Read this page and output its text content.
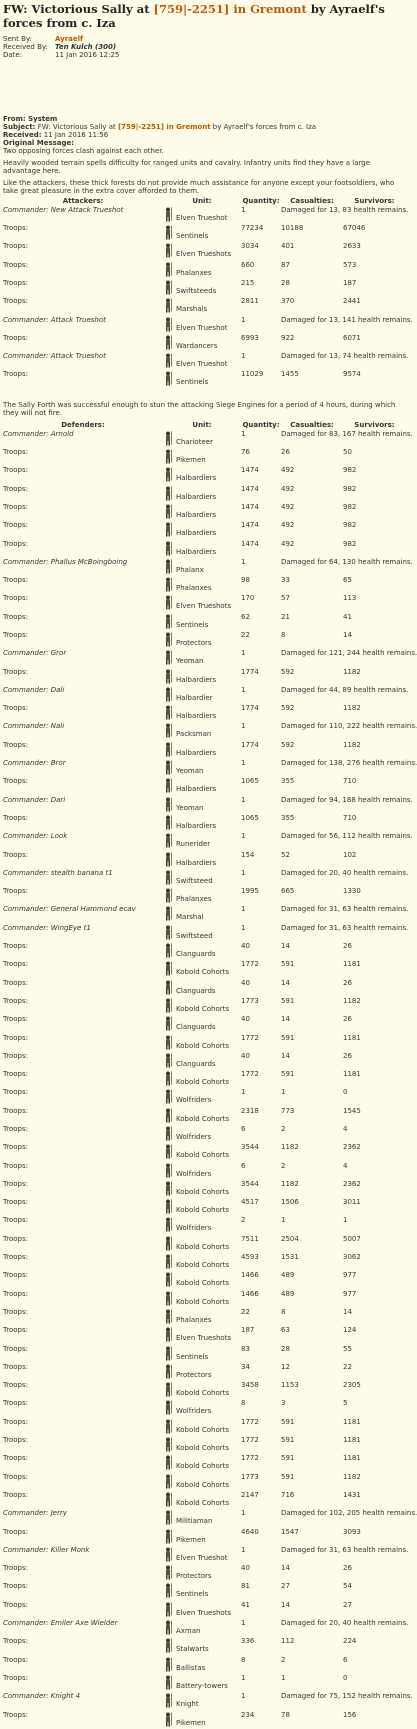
FW: Victorious Sally at [759|-2251] in Gremont by Ayraelf's forces from c. Iza
Sent By:	Ayraelf
Received By:	Ten Kulch (300)
Date:	11 Jan 2016 12:25

From: System

Subject: FW: Victorious Sally at [759|-2251] in Gremont by Ayraelf's forces from c. Iza

Received: 11 Jan 2016 11:56

Original Message:

Two opposing forces clash against each other.

Heavily wooded terrain spells difficulty for ranged units and cavalry. Infantry units find they have a large advantage here.

Like the attackers, these thick forests do not provide much assistance for anyone except your footsoldiers, who take great pleasure in the extra cover afforded to them.

Attackers:	Unit:	Quantity:	Casualties:	Survivors:
Commander: New Attack Trueshot	Elven Trueshot	1	Damaged for 13, 83 health remains.	
Troops:	Sentinels	77234	10188	67046
Troops:	Elven Trueshots	3034	401	2633
Troops:	Phalanxes	660	87	573
Troops:	Swiftsteeds	215	28	187
Troops:	Marshals	2811	370	2441
Commander: Attack Trueshot	Elven Trueshot	1	Damaged for 13, 141 health remains.	
Troops:	Wardancers	6993	922	6071
Commander: Attack Trueshot	Elven Trueshot	1	Damaged for 13, 74 health remains.	
Troops:	Sentinels	11029	1455	9574

The Sally Forth was successful enough to stun the attacking Siege Engines for a period of 4 hours, during which they will not fire.

Defenders:	Unit:	Quantity:	Casualties:	Survivors:
Commander: Arnold	Charioteer	1	Damaged for 83, 167 health remains.	
Troops:	Pikemen	76	26	50
Troops:	Halbardiers	1474	492	982
Troops:	Halbardiers	1474	492	982
Troops:	Halbardiers	1474	492	982
Troops:	Halbardiers	1474	492	982
Troops:	Halbardiers	1474	492	982
Commander: Phallus McBoingboing	Phalanx	1	Damaged for 64, 130 health remains.	
Troops:	Phalanxes	98	33	65
Troops:	Elven Trueshots	170	57	113
Troops:	Sentinels	62	21	41
Troops:	Protectors	22	8	14
Commander: Gror	Yeoman	1	Damaged for 121, 244 health remains.	
Troops:	Halbardiers	1774	592	1182
Commander: Dali	Halbardier	1	Damaged for 44, 89 health remains.	
Troops:	Halbardiers	1774	592	1182
Commander: Nali	Packsman	1	Damaged for 110, 222 health remains.	
Troops:	Halbardiers	1774	592	1182
Commander: Bror	Yeoman	1	Damaged for 138, 276 health remains.	
Troops:	Halbardiers	1065	355	710
Commander: Dari	Yeoman	1	Damaged for 94, 188 health remains.	
Troops:	Halbardiers	1065	355	710
Commander: Look	Runerider	1	Damaged for 56, 112 health remains.	
Troops:	Halbardiers	154	52	102
Commander: stealth banana t1	Swiftsteed	1	Damaged for 20, 40 health remains.	
Troops:	Phalanxes	1995	665	1330
Commander: General Hammond ecav	Marshal	1	Damaged for 31, 63 health remains.	
Commander: WingEye t1	Swiftsteed	1	Damaged for 31, 63 health remains.	
Troops:	Clanguards	40	14	26
Troops:	Kobold Cohorts	1772	591	1181
Troops:	Clanguards	40	14	26
Troops:	Kobold Cohorts	1773	591	1182
Troops:	Clanguards	40	14	26
Troops:	Kobold Cohorts	1772	591	1181
Troops:	Clanguards	40	14	26
Troops:	Kobold Cohorts	1772	591	1181
Troops:	Wolfriders	1	1	0
Troops:	Kobold Cohorts	2318	773	1545
Troops:	Wolfriders	6	2	4
Troops:	Kobold Cohorts	3544	1182	2362
Troops:	Wolfriders	6	2	4
Troops:	Kobold Cohorts	3544	1182	2362
Troops:	Kobold Cohorts	4517	1506	3011
Troops:	Wolfriders	2	1	1
Troops:	Kobold Cohorts	7511	2504	5007
Troops:	Kobold Cohorts	4593	1531	3062
Troops:	Kobold Cohorts	1466	489	977
Troops:	Kobold Cohorts	1466	489	977
Troops:	Phalanxes	22	8	14
Troops:	Elven Trueshots	187	63	124
Troops:	Sentinels	83	28	55
Troops:	Protectors	34	12	22
Troops:	Kobold Cohorts	3458	1153	2305
Troops:	Wolfriders	8	3	5
Troops:	Kobold Cohorts	1772	591	1181
Troops:	Kobold Cohorts	1772	591	1181
Troops:	Kobold Cohorts	1772	591	1181
Troops:	Kobold Cohorts	1773	591	1182
Troops:	Kobold Cohorts	2147	716	1431
Commander: Jerry	Militiaman	1	Damaged for 102, 205 health remains.	
Troops:	Pikemen	4640	1547	3093
Commander: Killer Monk	Elven Trueshot	1	Damaged for 31, 63 health remains.	
Troops:	Protectors	40	14	26
Troops:	Sentinels	81	27	54
Troops:	Elven Trueshots	41	14	27
Commander: Emiler Axe Wielder	Axman	1	Damaged for 20, 40 health remains.	
Troops:	Stalwarts	336	112	224
Troops:	Ballistas	8	2	6
Troops:	Battery-towers	1	1	0
Commander: Knight 4	Knight	1	Damaged for 75, 152 health remains.	
Troops:	Pikemen	234	78	156
